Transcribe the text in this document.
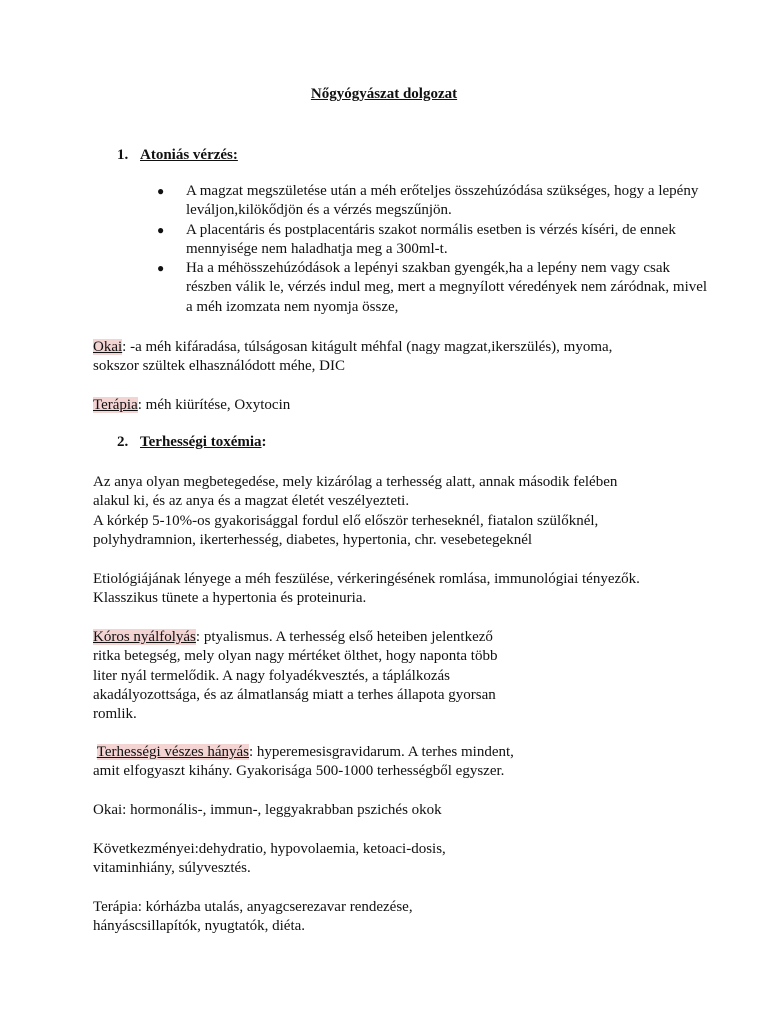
Nőgyógyászat dolgozat
1. Atoniás vérzés:
● A magzat megszületése után a méh erőteljes összehúzódása szükséges, hogy a lepény leváljon,kilökődjön és a vérzés megszűnjön.
● A placentáris és postplacentáris szakot normális esetben is vérzés kíséri, de ennek mennyisége nem haladhatja meg a 300ml-t.
● Ha a méhösszehúzódások a lepényi szakban gyengék,ha a lepény nem vagy csak részben válik le, vérzés indul meg, mert a megnyílott véredények nem záródnak, mivel a méh izomzata nem nyomja össze,

Okai: -a méh kifáradása, túlságosan kitágult méhfal (nagy magzat,ikerszülés), myoma, sokszor szültek elhasználódott méhe, DIC

Terápia: méh kiürítése, Oxytocin

2. Terhességi toxémia:

Az anya olyan megbetegedése, mely kizárólag a terhesség alatt, annak második felében alakul ki, és az anya és a magzat életét veszélyezteti.

A kórkép 5-10%-os gyakorisággal fordul elő először terheseknél, fiatalon szülőknél, polyhydramnion, ikerterhesség, diabetes, hypertonia, chr. vesebetegeknél

Etiológiájának lényege a méh feszülése, vérkeringésének romlása, immunológiai tényezők. Klasszikus tünete a hypertonia és proteinuria.

Kóros nyálfolyás: ptyalismus. A terhesség első heteiben jelentkező ritka betegség, mely olyan nagy mértéket ölthet, hogy naponta több liter nyál termelődik. A nagy folyadékvesztés, a táplálkozás akadályozottsága, és az álmatlanság miatt a terhes állapota gyorsan romlik.

Terhességi vészes hányás: hyperemesisgravidarum. A terhes mindent, amit elfogyaszt kihány. Gyakorisága 500-1000 terhességből egyszer.

Okai: hormonális-, immun-, leggyakrabban pszichés okok

Következményei:dehydratio, hypovolaemia, ketoaci-dosis, vitaminhiány, súlyvesztés.

Terápia: kórházba utalás, anyagcserezavar rendezése, hányáscsillapítók, nyugtatók, diéta.
